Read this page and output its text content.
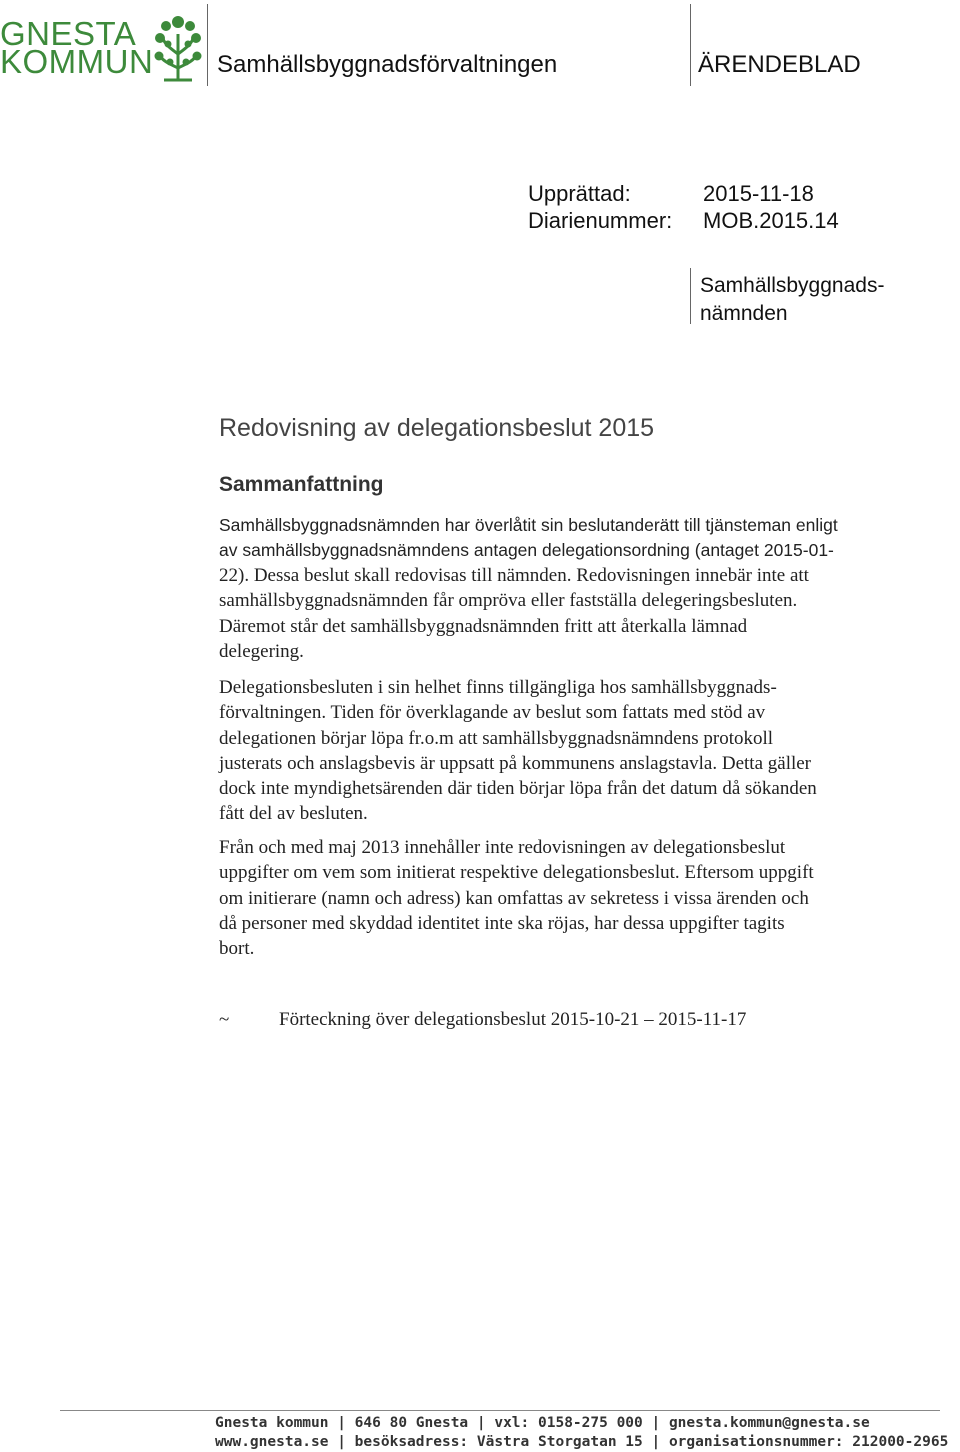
GNESTA
KOMMUN	Samhällsbyggnadsförvaltningen	ÄRENDEBLAD
Upprättad:	2015-11-18
Diarienummer: MOB.2015.14
Samhällsbyggnads-
nämnden
Redovisning av delegationsbeslut 2015
Sammanfattning
Samhällsbyggnadsnämnden har överlåtit sin beslutanderätt till tjänsteman enligt
av samhällsbyggnadsnämndens antagen delegationsordning (antaget 2015-01-
22). Dessa beslut skall redovisas till nämnden. Redovisningen innebär inte att
samhällsbyggnadsnämnden får ompröva eller fastställa delegeringsbesluten.
Däremot står det samhällsbyggnadsnämnden fritt att återkalla lämnad
delegering.
Delegationsbesluten i sin helhet finns tillgängliga hos samhällsbyggnads-
förvaltningen. Tiden för överklagande av beslut som fattats med stöd av
delegationen börjar löpa fr.o.m att samhällsbyggnadsnämndens protokoll
justerats och anslagsbevis är uppsatt på kommunens anslagstavla. Detta gäller
dock inte myndighetsärenden där tiden börjar löpa från det datum då sökanden
fått del av besluten.
Från och med maj 2013 innehåller inte redovisningen av delegationsbeslut
uppgifter om vem som initierat respektive delegationsbeslut. Eftersom uppgift
om initierare (namn och adress) kan omfattas av sekretess i vissa ärenden och
då personer med skyddad identitet inte ska röjas, har dessa uppgifter tagits
bort.
~	Förteckning över delegationsbeslut 2015-10-21 – 2015-11-17
Gnesta kommun | 646 80 Gnesta | vxl: 0158-275 000 | gnesta.kommun@gnesta.se
www.gnesta.se | besöksadress: Västra Storgatan 15 | organisationsnummer: 212000-2965
